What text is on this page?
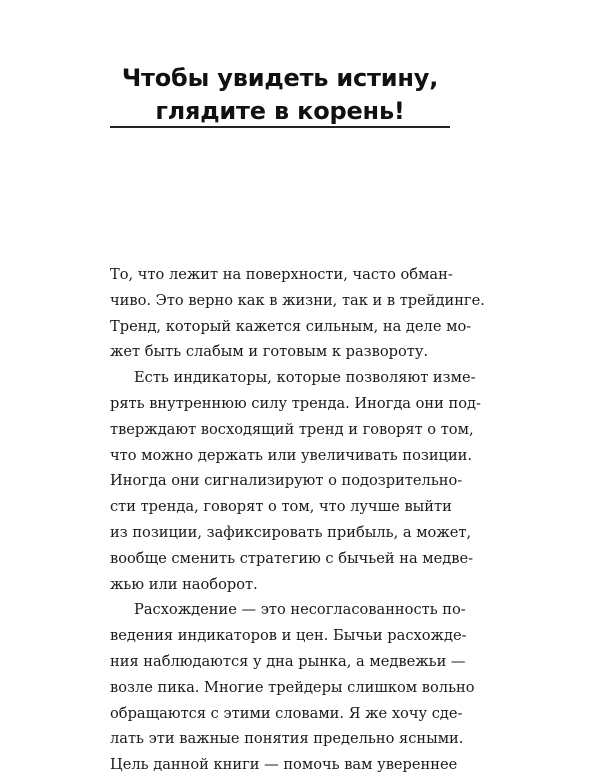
Чтобы увидеть истину,
глядите в корень!
То, что лежит на поверхности, часто обман-
чиво. Это верно как в жизни, так и в трейдинге.
Тренд, который кажется сильным, на деле мо-
жет быть слабым и готовым к развороту.
Есть индикаторы, которые позволяют изме-
рять внутреннюю силу тренда. Иногда они под-
тверждают восходящий тренд и говорят о том,
что можно держать или увеличивать позиции.
Иногда они сигнализируют о подозрительно-
сти тренда, говорят о том, что лучше выйти
из позиции, зафиксировать прибыль, а может,
вообще сменить стратегию с бычьей на медве-
жью или наоборот.
Расхождение — это несогласованность по-
ведения индикаторов и цен. Бычьи расхожде-
ния наблюдаются у дна рынка, а медвежьи —
возле пика. Многие трейдеры слишком вольно
обращаются с этими словами. Я же хочу сде-
лать эти важные понятия предельно ясными.
Цель данной книги — помочь вам увереннее
